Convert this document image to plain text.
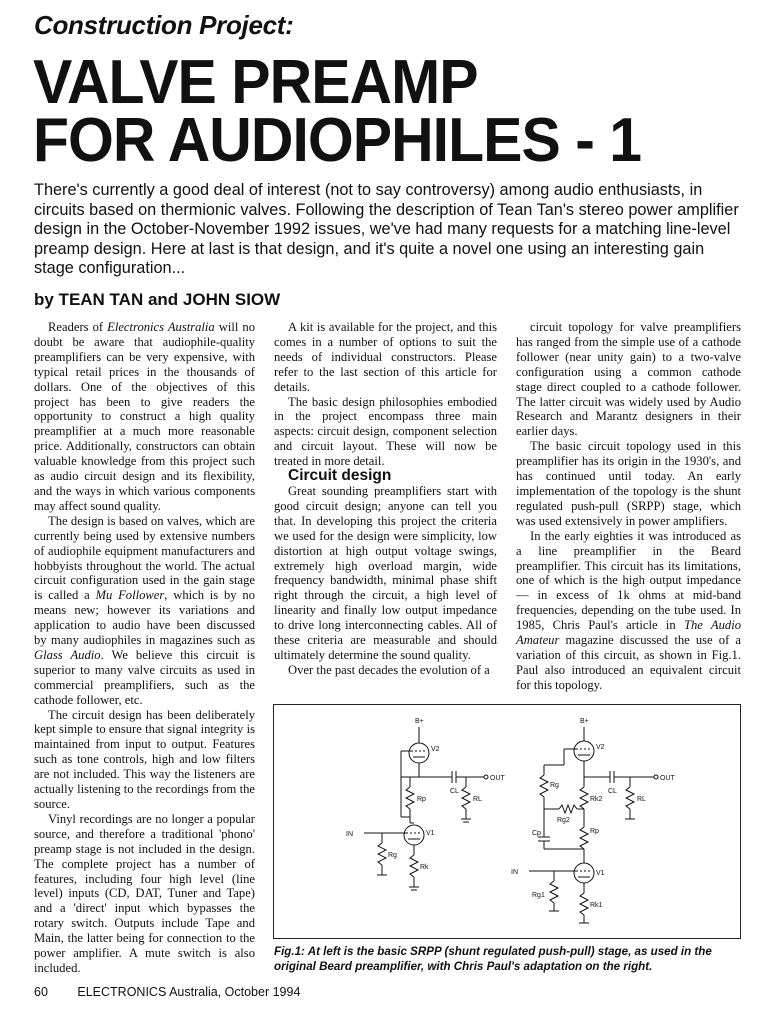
Construction Project:
VALVE PREAMP
FOR AUDIOPHILES - 1
There's currently a good deal of interest (not to say controversy) among audio enthusiasts, in circuits based on thermionic valves. Following the description of Tean Tan's stereo power amplifier design in the October-November 1992 issues, we've had many requests for a matching line-level preamp design. Here at last is that design, and it's quite a novel one using an interesting gain stage configuration...
by TEAN TAN and JOHN SIOW

Readers of Electronics Australia will no doubt be aware that audiophile-quality preamplifiers can be very expensive, with typical retail prices in the thousands of dollars. One of the objectives of this project has been to give readers the opportunity to construct a high quality preamplifier at a much more reasonable price. Additionally, constructors can obtain valuable knowledge from this project such as audio circuit design and its flexibility, and the ways in which various components may affect sound quality.

The design is based on valves, which are currently being used by extensive numbers of audiophile equipment manufacturers and hobbyists throughout the world. The actual circuit configuration used in the gain stage is called a Mu Follower, which is by no means new; however its variations and application to audio have been discussed by many audiophiles in magazines such as Glass Audio. We believe this circuit is superior to many valve circuits as used in commercial preamplifiers, such as the cathode follower, etc.

The circuit design has been deliberately kept simple to ensure that signal integrity is maintained from input to output. Features such as tone controls, high and low filters are not included. This way the listeners are actually listening to the recordings from the source.

Vinyl recordings are no longer a popular source, and therefore a traditional 'phono' preamp stage is not included in the design. The complete project has a number of features, including four high level (line level) inputs (CD, DAT, Tuner and Tape) and a 'direct' input which bypasses the rotary switch. Outputs include Tape and Main, the latter being for connection to the power amplifier. A mute switch is also included.

A kit is available for the project, and this comes in a number of options to suit the needs of individual constructors. Please refer to the last section of this article for details.

The basic design philosophies embodied in the project encompass three main aspects: circuit design, component selection and circuit layout. These will now be treated in more detail.

Circuit design

Great sounding preamplifiers start with good circuit design; anyone can tell you that. In developing this project the criteria we used for the design were simplicity, low distortion at high output voltage swings, extremely high overload margin, wide frequency bandwidth, minimal phase shift right through the circuit, a high level of linearity and finally low output impedance to drive long interconnecting cables. All of these criteria are measurable and should ultimately determine the sound quality.

Over the past decades the evolution of a

circuit topology for valve preamplifiers has ranged from the simple use of a cathode follower (near unity gain) to a two-valve configuration using a common cathode stage direct coupled to a cathode follower. The latter circuit was widely used by Audio Research and Marantz designers in their earlier days.

The basic circuit topology used in this preamplifier has its origin in the 1930's, and has continued until today. An early implementation of the topology is the shunt regulated push-pull (SRPP) stage, which was used extensively in power amplifiers.

In the early eighties it was introduced as a line preamplifier in the Beard preamplifier. This circuit has its limitations, one of which is the high output impedance — in excess of 1k ohms at mid-band frequencies, depending on the tube used. In 1985, Chris Paul's article in The Audio Amateur magazine discussed the use of a variation of this circuit, as shown in Fig.1. Paul also introduced an equivalent circuit for this topology.

B+
V2
V1
OUT
IN
CL
RL
Rp
Rg
Rk
B+
V2
V1
OUT
IN
CL
RL
Rg
Rk2
Rg2
Rp
Cp
Rg1
Rk1
Fig.1: At left is the basic SRPP (shunt regulated push-pull) stage, as used in the original Beard preamplifier, with Chris Paul's adaptation on the right.
60 ELECTRONICS Australia, October 1994
